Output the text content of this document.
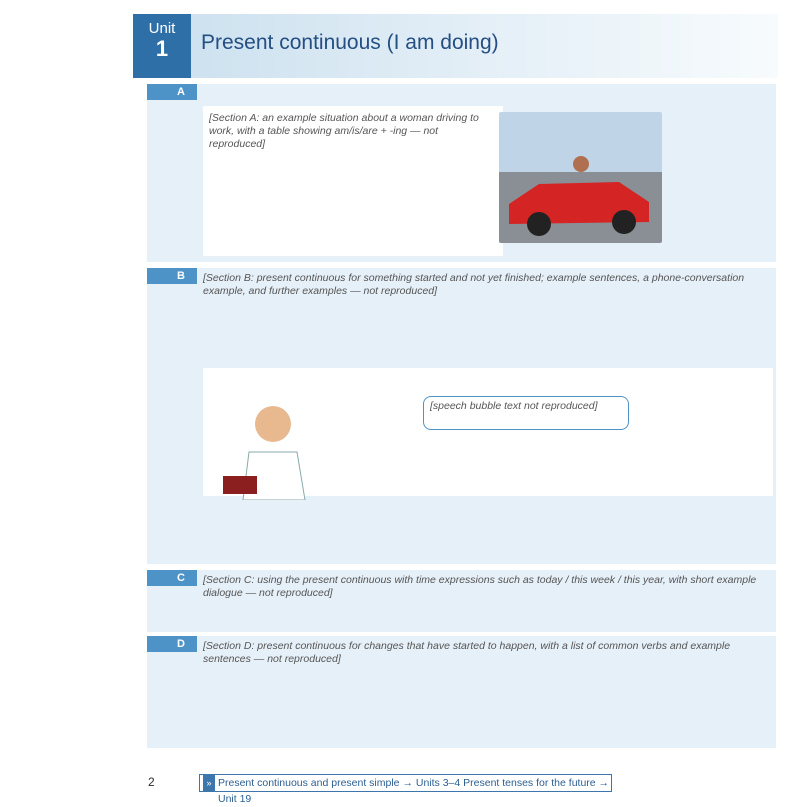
Unit
1	Present continuous (I am doing)
A
[Section A: an example situation about a woman driving to work, with a table showing am/is/are + -ing — not reproduced]
B	[Section B: present continuous for something started and not yet finished; example sentences, a phone-conversation example, and further examples — not reproduced]
[speech bubble text not reproduced]
C	[Section C: using the present continuous with time expressions such as today / this week / this year, with short example dialogue — not reproduced]
D	[Section D: present continuous for changes that have started to happen, with a list of common verbs and example sentences — not reproduced]
2	» Present continuous and present simple → Units 3–4 Present tenses for the future → Unit 19
